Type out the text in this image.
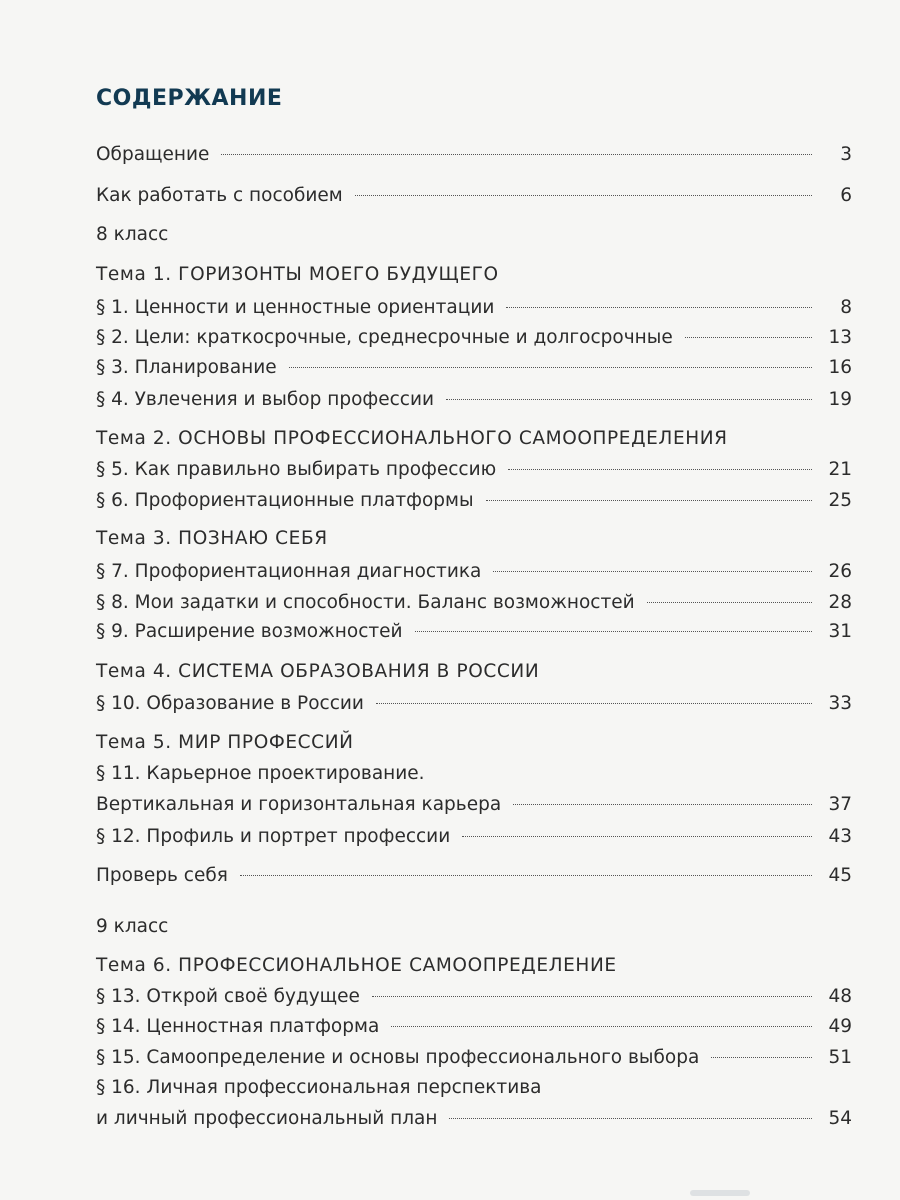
СОДЕРЖАНИЕ
Обращение	3
Как работать с пособием	6
8 класс
Тема 1. ГОРИЗОНТЫ МОЕГО БУДУЩЕГО
§ 1. Ценности и ценностные ориентации	8
§ 2. Цели: краткосрочные, среднесрочные и долгосрочные	13
§ 3. Планирование	16
§ 4. Увлечения и выбор профессии	19
Тема 2. ОСНОВЫ ПРОФЕССИОНАЛЬНОГО САМООПРЕДЕЛЕНИЯ
§ 5. Как правильно выбирать профессию	21
§ 6. Профориентационные платформы	25
Тема 3. ПОЗНАЮ СЕБЯ
§ 7. Профориентационная диагностика	26
§ 8. Мои задатки и способности. Баланс возможностей	28
§ 9. Расширение возможностей	31
Тема 4. СИСТЕМА ОБРАЗОВАНИЯ В РОССИИ
§ 10. Образование в России	33
Тема 5. МИР ПРОФЕССИЙ
§ 11. Карьерное проектирование.
Вертикальная и горизонтальная карьера	37
§ 12. Профиль и портрет профессии	43
Проверь себя	45
9 класс
Тема 6. ПРОФЕССИОНАЛЬНОЕ САМООПРЕДЕЛЕНИЕ
§ 13. Открой своё будущее	48
§ 14. Ценностная платформа	49
§ 15. Самоопределение и основы профессионального выбора	51
§ 16. Личная профессиональная перспектива
и личный профессиональный план	54
